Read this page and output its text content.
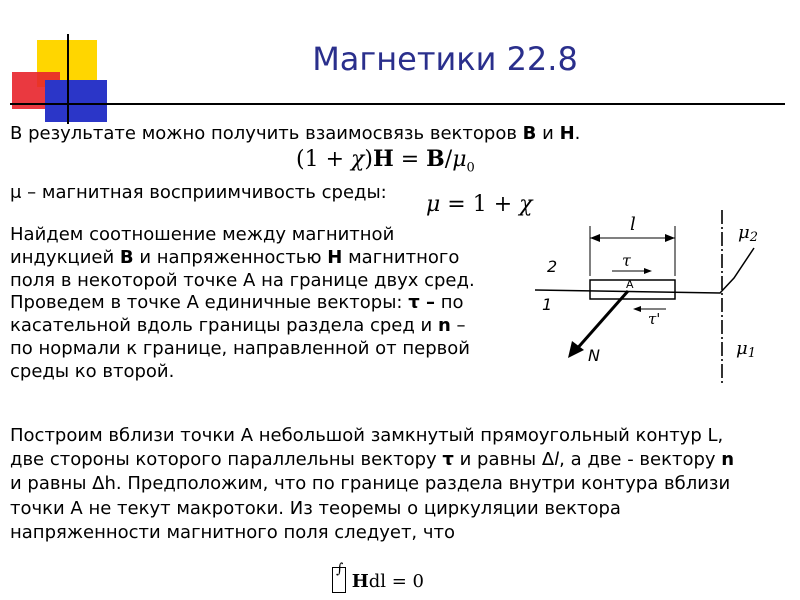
Магнетики 22.8
В результате можно получить взаимосвязь векторов B и H.
$(1 + \chi)H = B/\mu_0$
μ – магнитная восприимчивость среды: μ = 1 + χ
Найдем соотношение между магнитной
индукцией B и напряженностью H магнитного
поля в некоторой точке А на границе двух сред.
Проведем в точке А единичные векторы: τ – по
касательной вдоль границы раздела сред и n –
по нормали к границе, направленной от первой
среды ко второй.
l
τ
τ'
A
N
2
1
μ2
μ1
Построим вблизи точки А небольшой замкнутый прямоугольный контур L,
две стороны которого параллельны вектору τ и равны Δl, а две - вектору n
и равны Δh. Предположим, что по границе раздела внутри контура вблизи
точки А не текут макротоки. Из теоремы о циркуляции вектора
напряженности магнитного поля следует, что
∫
Hdl = 0
